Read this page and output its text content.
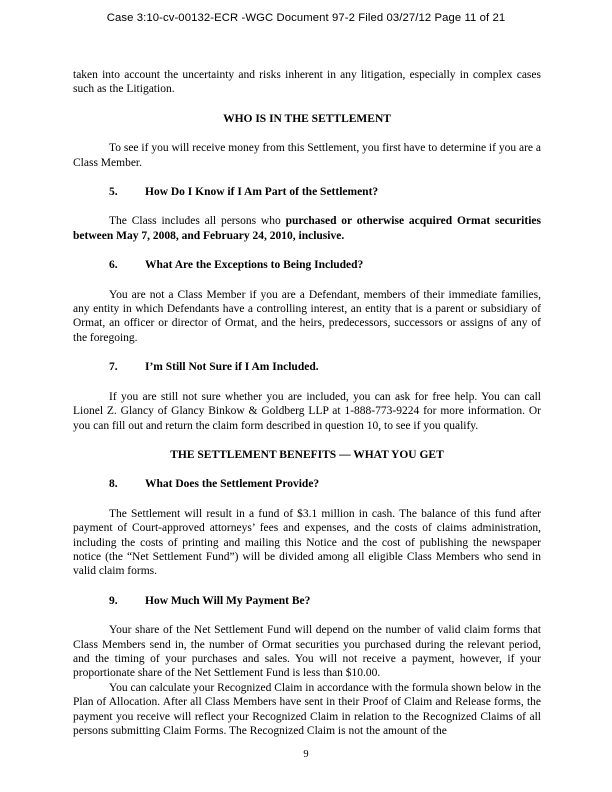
Case 3:10-cv-00132-ECR -WGC Document 97-2 Filed 03/27/12 Page 11 of 21

taken into account the uncertainty and risks inherent in any litigation, especially in complex cases such as the Litigation.

WHO IS IN THE SETTLEMENT

To see if you will receive money from this Settlement, you first have to determine if you are a Class Member.

5.	How Do I Know if I Am Part of the Settlement?

The Class includes all persons who purchased or otherwise acquired Ormat securities between May 7, 2008, and February 24, 2010, inclusive.

6.	What Are the Exceptions to Being Included?

You are not a Class Member if you are a Defendant, members of their immediate families, any entity in which Defendants have a controlling interest, an entity that is a parent or subsidiary of Ormat, an officer or director of Ormat, and the heirs, predecessors, successors or assigns of any of the foregoing.

7.	I’m Still Not Sure if I Am Included.

If you are still not sure whether you are included, you can ask for free help. You can call Lionel Z. Glancy of Glancy Binkow & Goldberg LLP at 1-888-773-9224 for more information. Or you can fill out and return the claim form described in question 10, to see if you qualify.

THE SETTLEMENT BENEFITS — WHAT YOU GET

8.	What Does the Settlement Provide?

The Settlement will result in a fund of $3.1 million in cash. The balance of this fund after payment of Court-approved attorneys’ fees and expenses, and the costs of claims administration, including the costs of printing and mailing this Notice and the cost of publishing the newspaper notice (the “Net Settlement Fund”) will be divided among all eligible Class Members who send in valid claim forms.

9.	How Much Will My Payment Be?

Your share of the Net Settlement Fund will depend on the number of valid claim forms that Class Members send in, the number of Ormat securities you purchased during the relevant period, and the timing of your purchases and sales. You will not receive a payment, however, if your proportionate share of the Net Settlement Fund is less than $10.00.

You can calculate your Recognized Claim in accordance with the formula shown below in the Plan of Allocation. After all Class Members have sent in their Proof of Claim and Release forms, the payment you receive will reflect your Recognized Claim in relation to the Recognized Claims of all persons submitting Claim Forms. The Recognized Claim is not the amount of the

9
